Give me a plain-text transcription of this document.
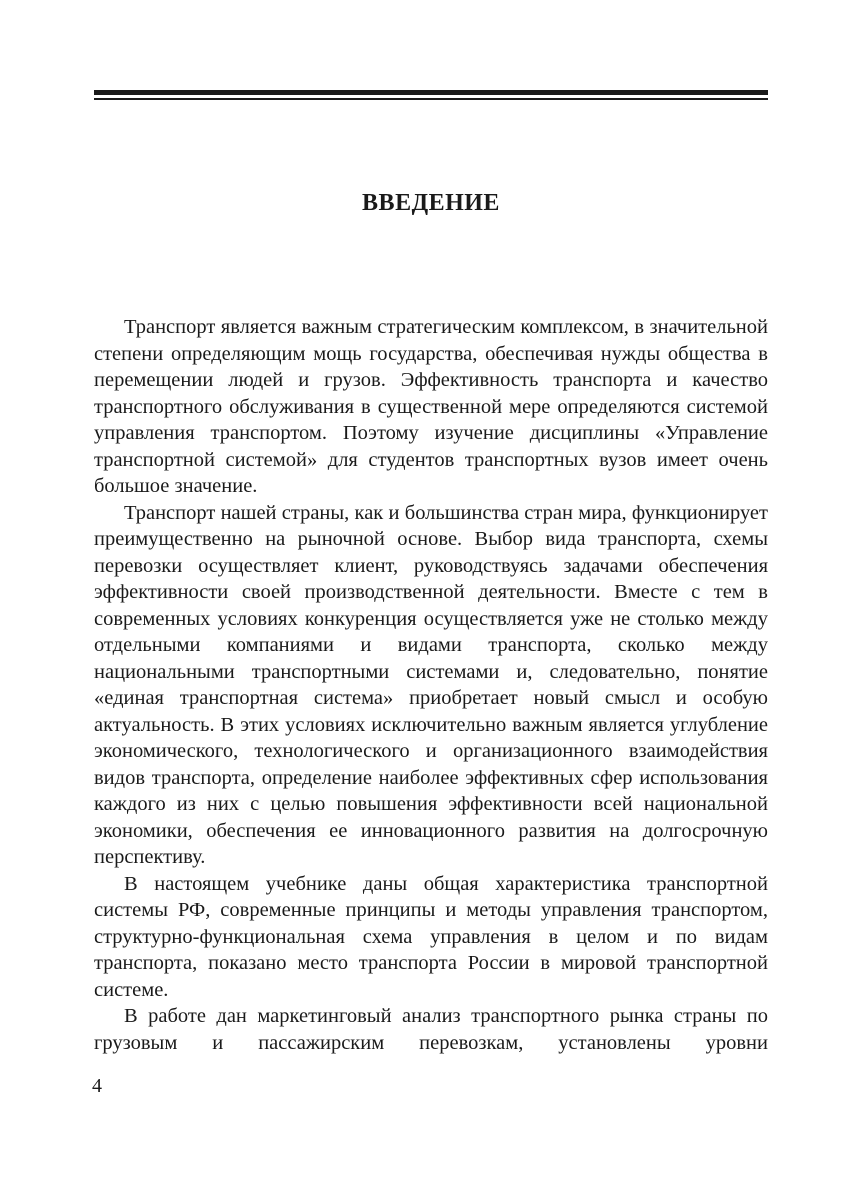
ВВЕДЕНИЕ

Транспорт является важным стратегическим комплексом, в значительной степени определяющим мощь государства, обеспечивая нужды общества в перемещении людей и грузов. Эффективность транспорта и качество транспортного обслуживания в существенной мере определяются системой управления транспортом. Поэтому изучение дисциплины «Управление транспортной системой» для студентов транспортных вузов имеет очень большое значение.

Транспорт нашей страны, как и большинства стран мира, функционирует преимущественно на рыночной основе. Выбор вида транспорта, схемы перевозки осуществляет клиент, руководствуясь задачами обеспечения эффективности своей производственной деятельности. Вместе с тем в современных условиях конкуренция осуществляется уже не столько между отдельными компаниями и видами транспорта, сколько между национальными транспортными системами и, следовательно, понятие «единая транспортная система» приобретает новый смысл и особую актуальность. В этих условиях исключительно важным является углубление экономического, технологического и организационного взаимодействия видов транспорта, определение наиболее эффективных сфер использования каждого из них с целью повышения эффективности всей национальной экономики, обеспечения ее инновационного развития на долгосрочную перспективу.

В настоящем учебнике даны общая характеристика транспортной системы РФ, современные принципы и методы управления транспортом, структурно-функциональная схема управления в целом и по видам транспорта, показано место транспорта России в мировой транспортной системе.

В работе дан маркетинговый анализ транспортного рынка страны по грузовым и пассажирским перевозкам, установлены уровни

4
